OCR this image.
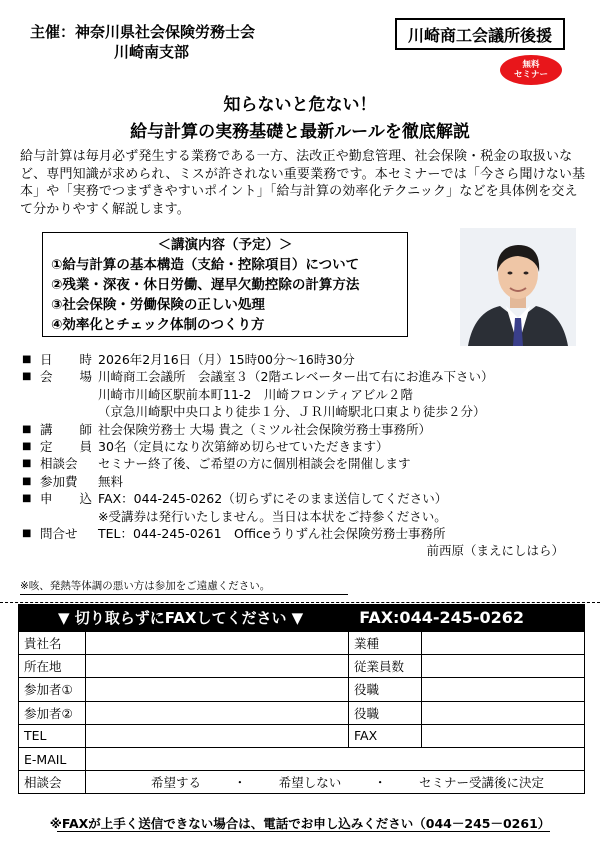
主催：神奈川県社会保険労務士会
川崎南支部
川崎商工会議所後援
無料
セミナー
知らないと危ない！
給与計算の実務基礎と最新ルールを徹底解説
給与計算は毎月必ず発生する業務である一方、法改正や勤怠管理、社会保険・税金の取扱いなど、専門知識が求められ、ミスが許されない重要業務です。本セミナーでは「今さら聞けない基本」や「実務でつまずきやすいポイント」「給与計算の効率化テクニック」などを具体例を交えて分かりやすく解説します。
＜講演内容（予定）＞
①給与計算の基本構造（支給・控除項目）について
②残業・深夜・休日労働、遅早欠勤控除の計算方法
③社会保険・労働保険の正しい処理
④効率化とチェック体制のつくり方
■ 日 時 2026年2月16日（月）15時00分～16時30分
■ 会 場 川崎商工会議所　会議室３（2階エレベーター出て右にお進み下さい）
川崎市川崎区駅前本町11-2　川崎フロンティアビル２階
（京急川崎駅中央口より徒歩１分、ＪＲ川崎駅北口東より徒歩２分）
■ 講 師 社会保険労務士 大場 貴之（ミツル社会保険労務士事務所）
■ 定 員 30名（定員になり次第締め切らせていただきます）
■ 相談会 セミナー終了後、ご希望の方に個別相談会を開催します
■ 参加費 無料
■ 申 込 FAX：044-245-0262（切らずにそのまま送信してください）
※受講券は発行いたしません。当日は本状をご持参ください。
■ 問合せ TEL：044-245-0261　Officeうりずん社会保険労務士事務所
前西原（まえにしはら）
※咳、発熱等体調の悪い方は参加をご遠慮ください。
▼ 切り取らずにFAXしてください ▼	FAX:044-245-0262
貴社名		業種	
所在地		従業員数	
参加者①		役職	
参加者②		役職	
TEL		FAX	
E-MAIL			
相談会	希望する ・ 希望しない ・ セミナー受講後に決定		
※FAXが上手く送信できない場合は、電話でお申し込みください（044－245－0261）
